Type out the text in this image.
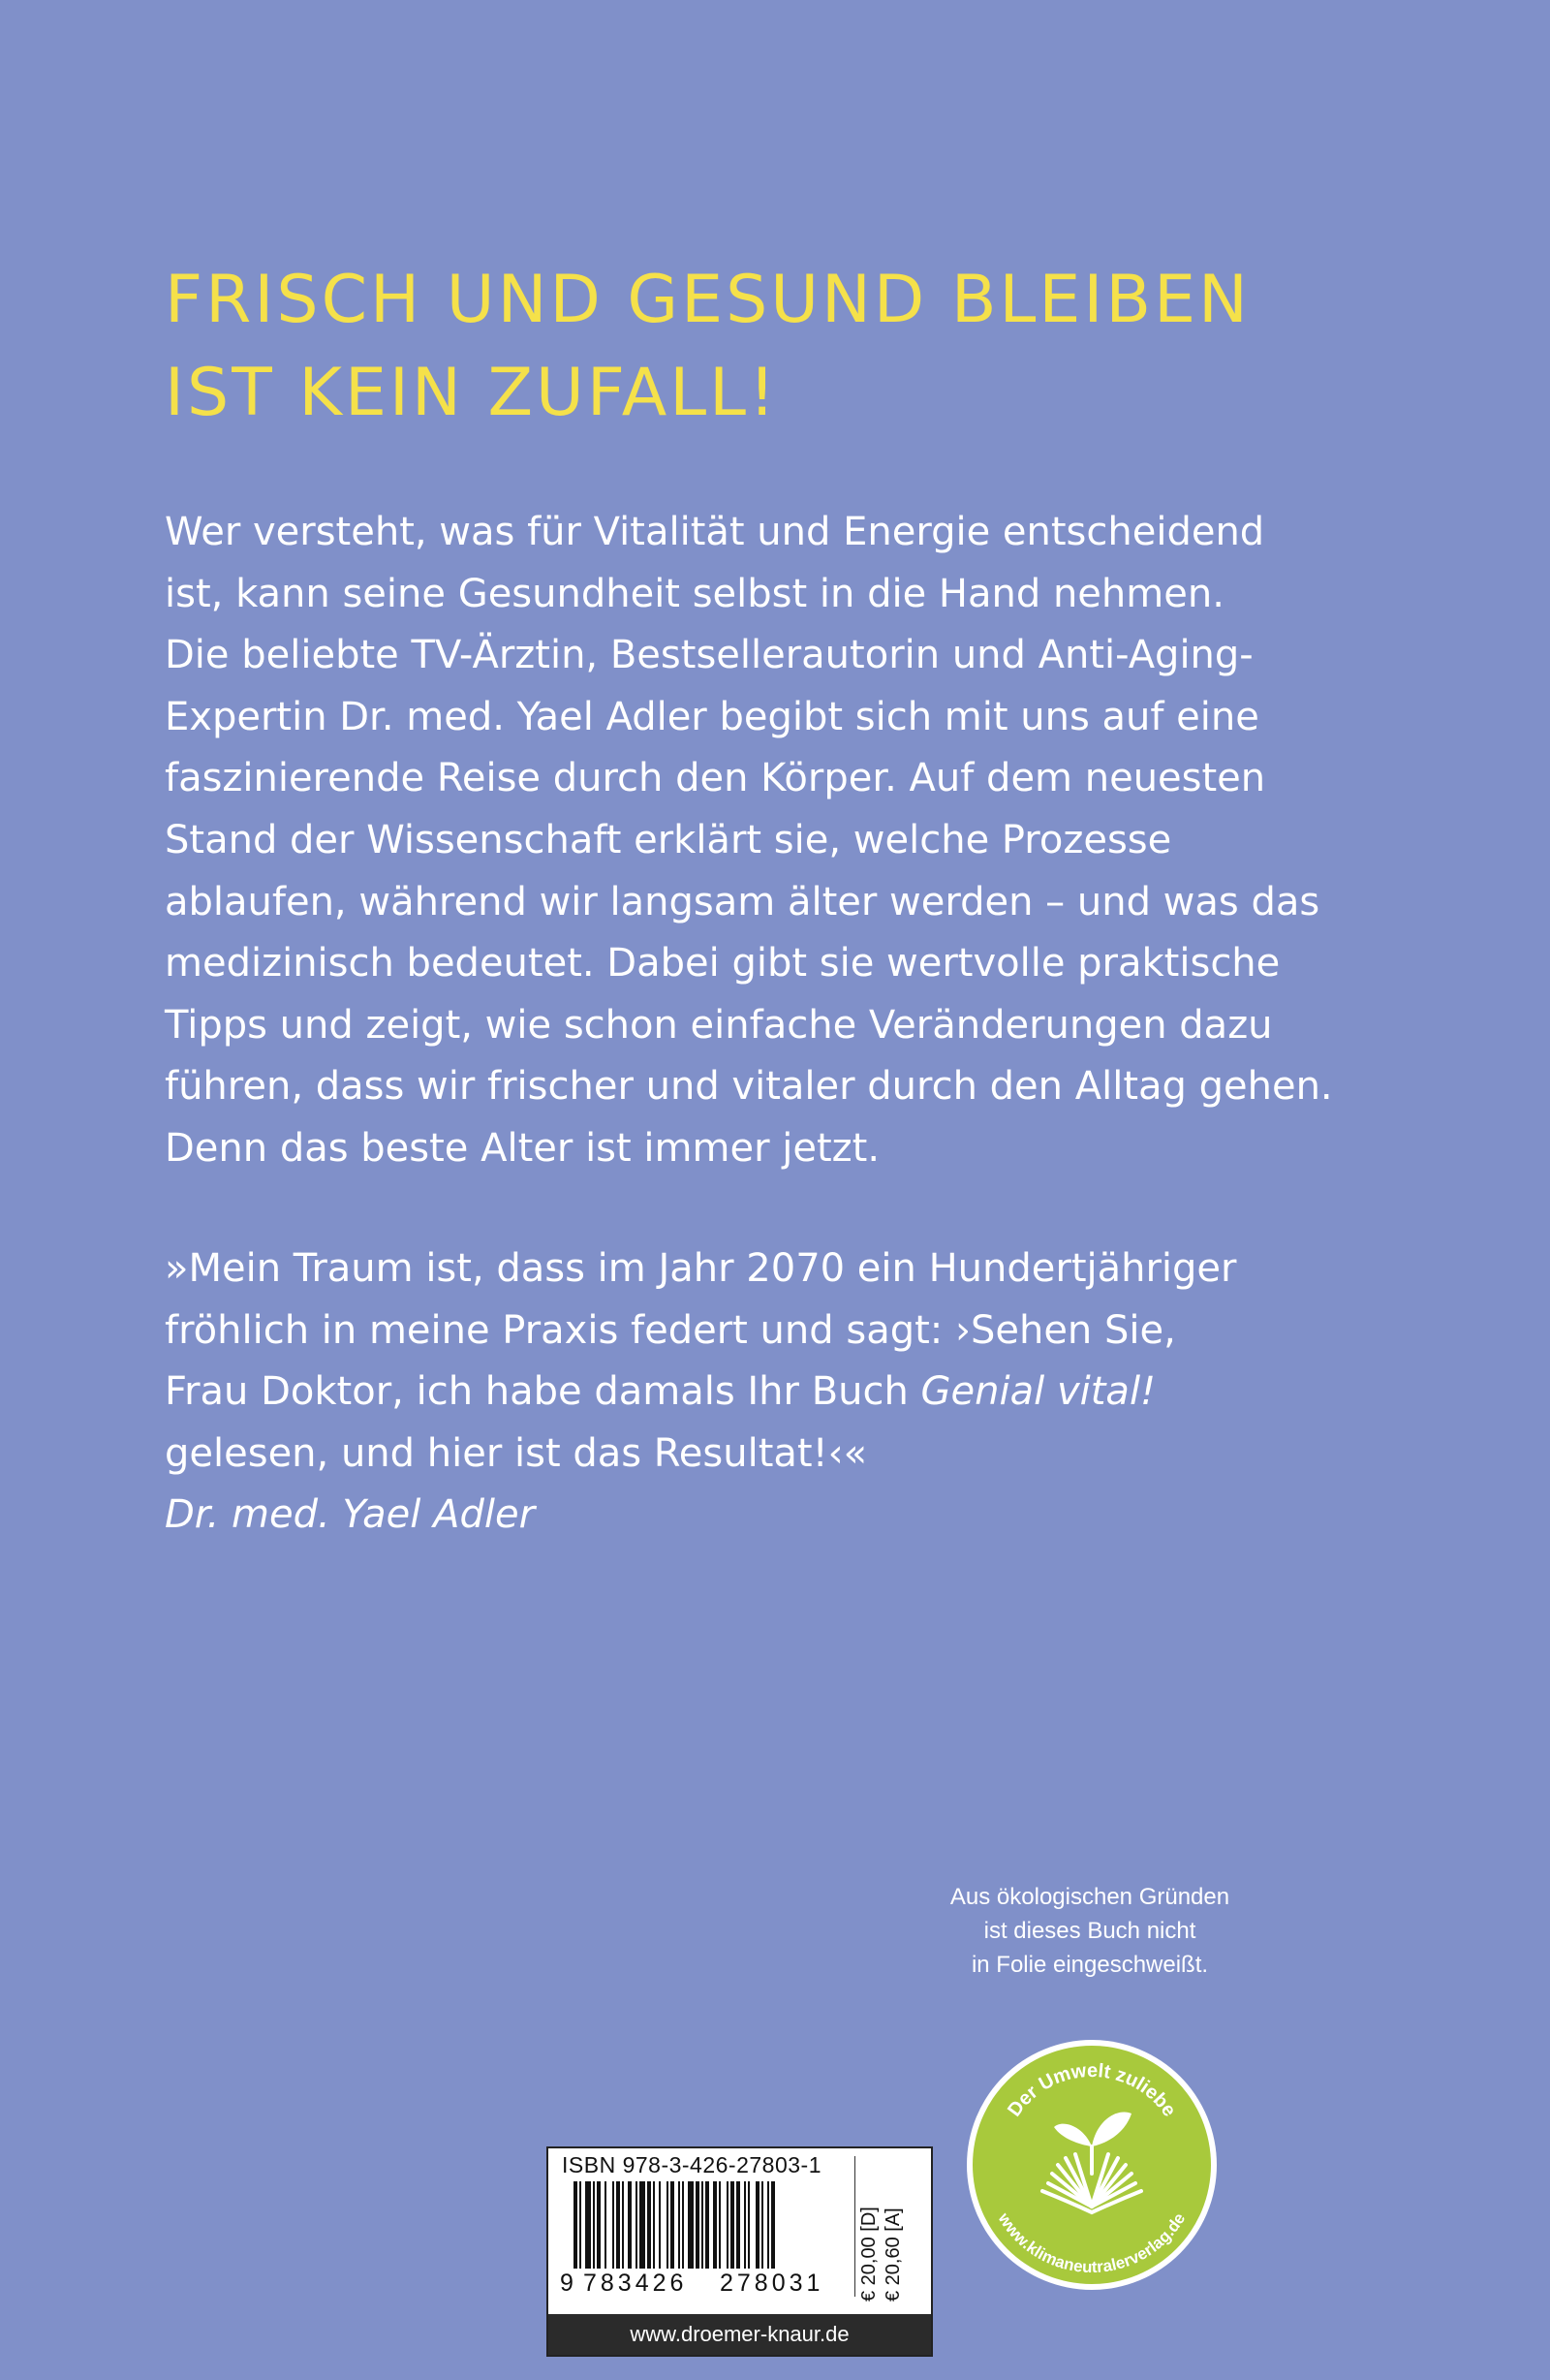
FRISCH UND GESUND BLEIBEN
IST KEIN ZUFALL!
Wer versteht, was für Vitalität und Energie entscheidend
ist, kann seine Gesundheit selbst in die Hand nehmen.
Die beliebte TV-Ärztin, Bestsellerautorin und Anti-Aging-
Expertin Dr. med. Yael Adler begibt sich mit uns auf eine
faszinierende Reise durch den Körper. Auf dem neuesten
Stand der Wissenschaft erklärt sie, welche Prozesse
ablaufen, während wir langsam älter werden – und was das
medizinisch bedeutet. Dabei gibt sie wertvolle praktische
Tipps und zeigt, wie schon einfache Veränderungen dazu
führen, dass wir frischer und vitaler durch den Alltag gehen.
Denn das beste Alter ist immer jetzt.
»Mein Traum ist, dass im Jahr 2070 ein Hundertjähriger
fröhlich in meine Praxis federt und sagt: ›Sehen Sie,
Frau Doktor, ich habe damals Ihr Buch Genial vital!
gelesen, und hier ist das Resultat!‹«
Dr. med. Yael Adler
Aus ökologischen Gründen
ist dieses Buch nicht
in Folie eingeschweißt.
Der Umwelt zuliebe
www.klimaneutralerverlag.de
ISBN 978-3-426-27803-1
9 783426 278031 € 20,00 [D] € 20,60 [A]
www.droemer-knaur.de
